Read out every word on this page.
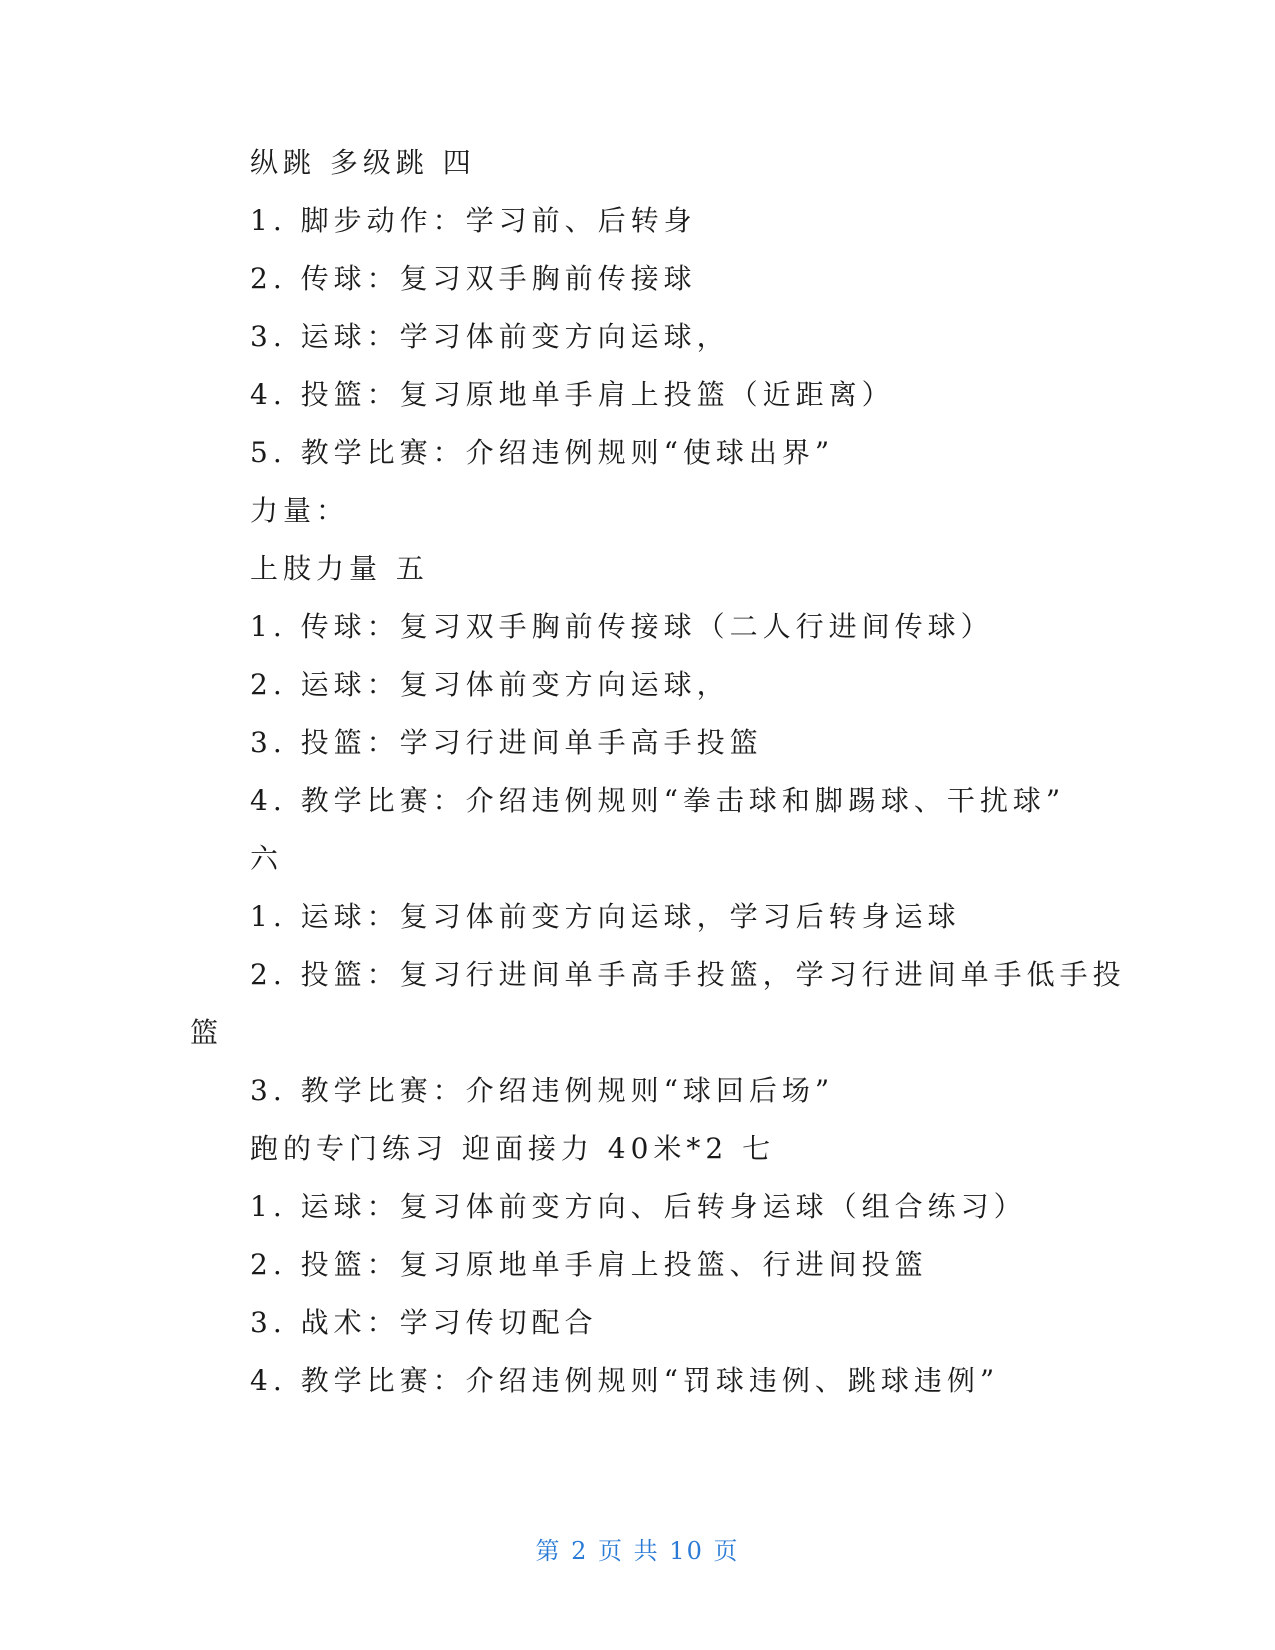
纵跳 多级跳 四
1. 脚步动作：学习前、后转身
2. 传球：复习双手胸前传接球
3. 运球：学习体前变方向运球，
4. 投篮：复习原地单手肩上投篮（近距离）
5. 教学比赛：介绍违例规则“使球出界”
力量：
上肢力量 五
1. 传球：复习双手胸前传接球（二人行进间传球）
2. 运球：复习体前变方向运球，
3. 投篮：学习行进间单手高手投篮
4. 教学比赛：介绍违例规则“拳击球和脚踢球、干扰球”
六
1. 运球：复习体前变方向运球，学习后转身运球
2. 投篮：复习行进间单手高手投篮，学习行进间单手低手投
篮
3. 教学比赛：介绍违例规则“球回后场”
跑的专门练习 迎面接力 40米*2 七
1. 运球：复习体前变方向、后转身运球（组合练习）
2. 投篮：复习原地单手肩上投篮、行进间投篮
3. 战术：学习传切配合
4. 教学比赛：介绍违例规则“罚球违例、跳球违例”
第 2 页 共 10 页
